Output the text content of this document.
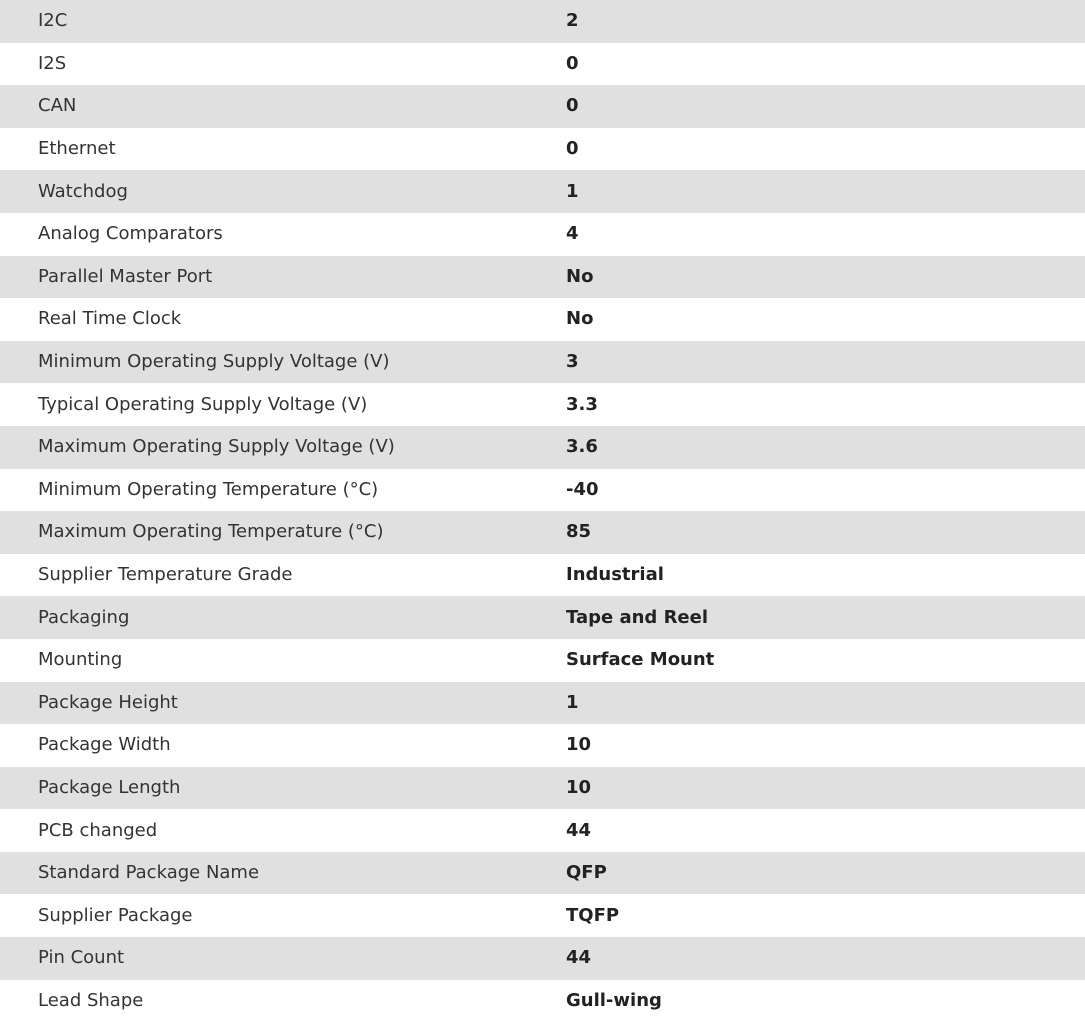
I2C	2
I2S	0
CAN	0
Ethernet	0
Watchdog	1
Analog Comparators	4
Parallel Master Port	No
Real Time Clock	No
Minimum Operating Supply Voltage (V)	3
Typical Operating Supply Voltage (V)	3.3
Maximum Operating Supply Voltage (V)	3.6
Minimum Operating Temperature (°C)	-40
Maximum Operating Temperature (°C)	85
Supplier Temperature Grade	Industrial
Packaging	Tape and Reel
Mounting	Surface Mount
Package Height	1
Package Width	10
Package Length	10
PCB changed	44
Standard Package Name	QFP
Supplier Package	TQFP
Pin Count	44
Lead Shape	Gull-wing
